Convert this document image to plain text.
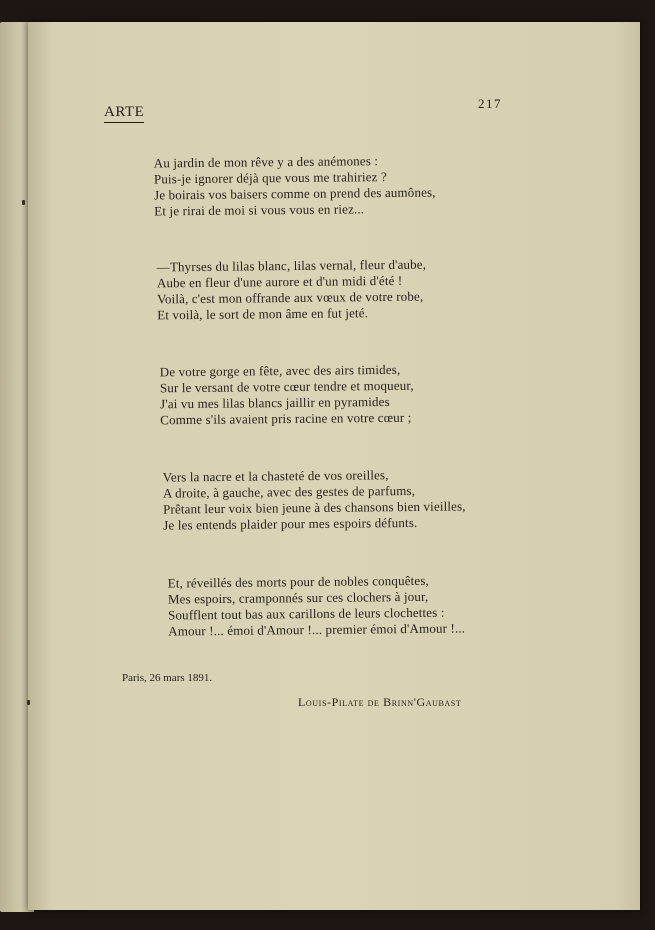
ARTE
217
Au jardin de mon rêve y a des anémones :
Puis-je ignorer déjà que vous me trahiriez ?
Je boirais vos baisers comme on prend des aumônes,
Et je rirai de moi si vous vous en riez...
—Thyrses du lilas blanc, lilas vernal, fleur d'aube,
Aube en fleur d'une aurore et d'un midi d'été !
Voilà, c'est mon offrande aux vœux de votre robe,
Et voilà, le sort de mon âme en fut jeté.
De votre gorge en fête, avec des airs timides,
Sur le versant de votre cœur tendre et moqueur,
J'ai vu mes lilas blancs jaillir en pyramides
Comme s'ils avaient pris racine en votre cœur ;
Vers la nacre et la chasteté de vos oreilles,
A droite, à gauche, avec des gestes de parfums,
Prêtant leur voix bien jeune à des chansons bien vieilles,
Je les entends plaider pour mes espoirs défunts.
Et, réveillés des morts pour de nobles conquêtes,
Mes espoirs, cramponnés sur ces clochers à jour,
Soufflent tout bas aux carillons de leurs clochettes :
Amour !... émoi d'Amour !... premier émoi d'Amour !...
Paris, 26 mars 1891.
Louis-Pilate de Brinn'Gaubast
